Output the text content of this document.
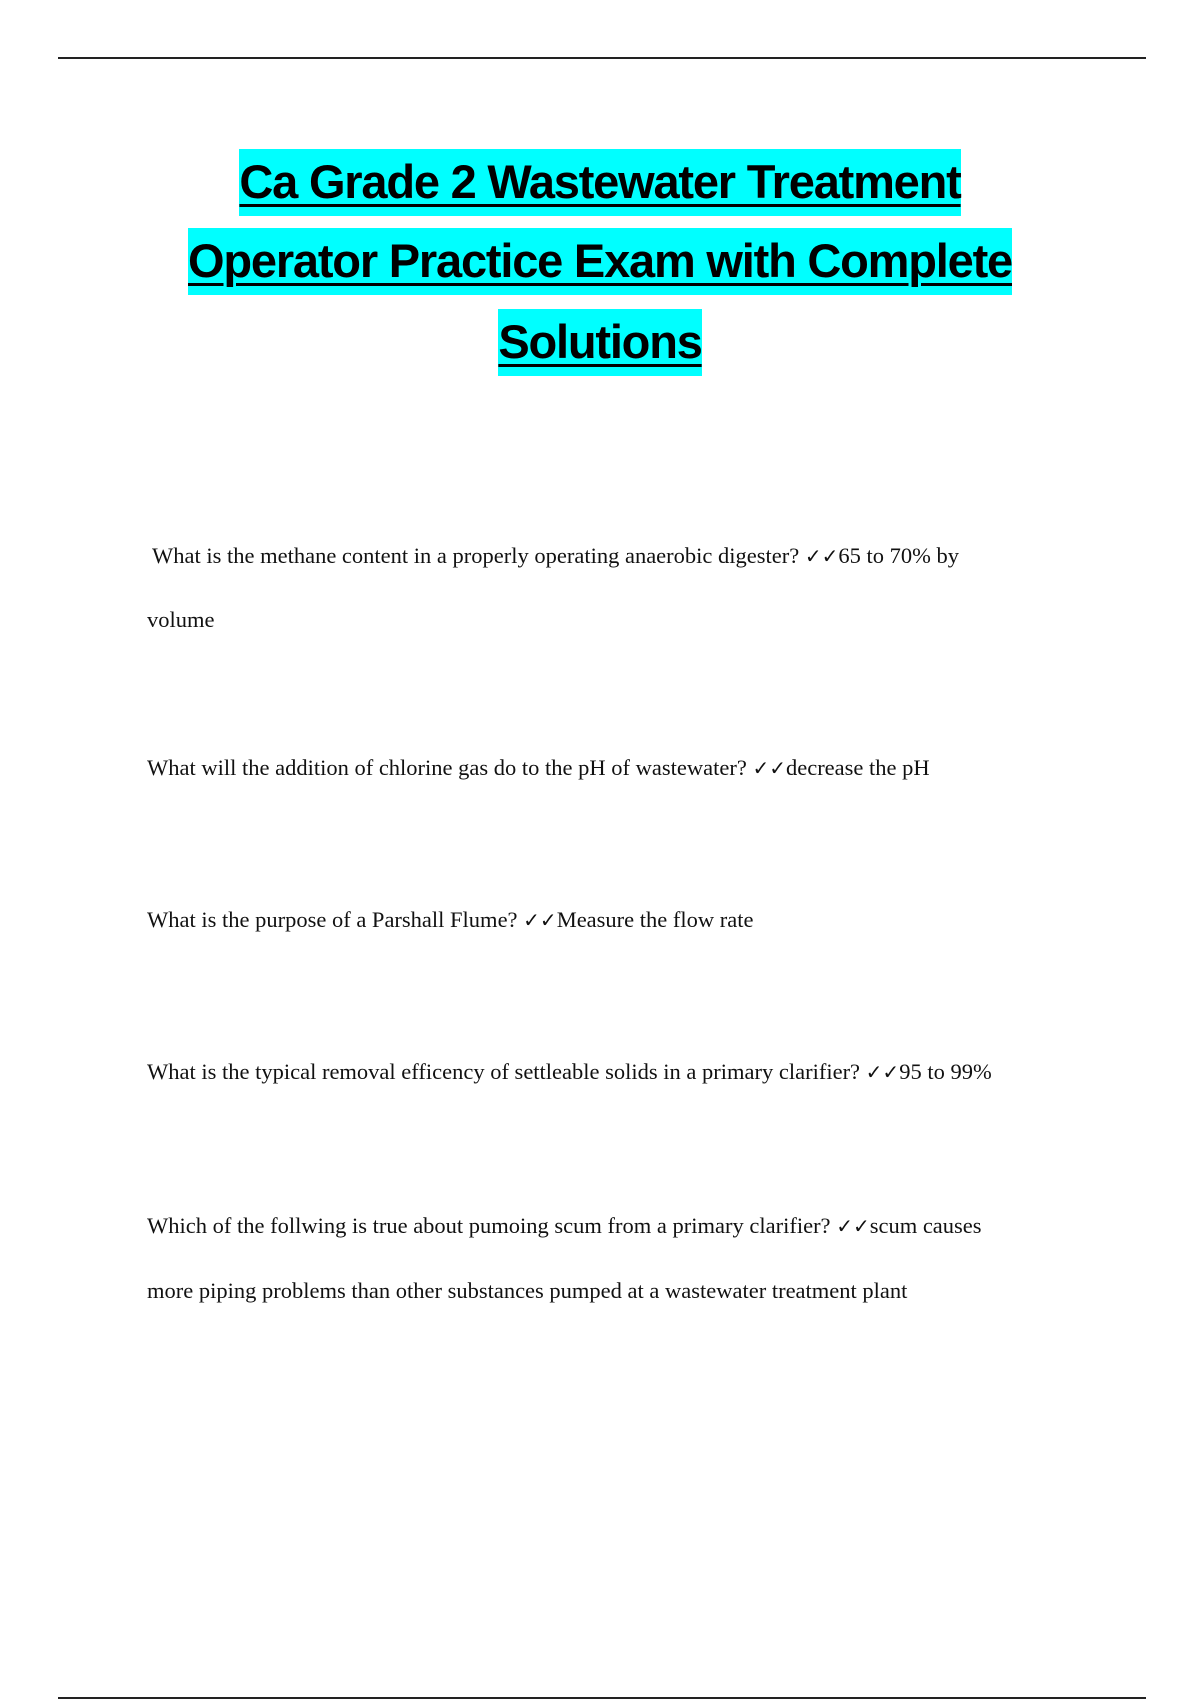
Ca Grade 2 Wastewater Treatment
Operator Practice Exam with Complete
Solutions
What is the methane content in a properly operating anaerobic digester? ✓✓65 to 70% by
volume
What will the addition of chlorine gas do to the pH of wastewater? ✓✓decrease the pH
What is the purpose of a Parshall Flume? ✓✓Measure the flow rate
What is the typical removal efficency of settleable solids in a primary clarifier? ✓✓95 to 99%
Which of the follwing is true about pumoing scum from a primary clarifier? ✓✓scum causes
more piping problems than other substances pumped at a wastewater treatment plant
